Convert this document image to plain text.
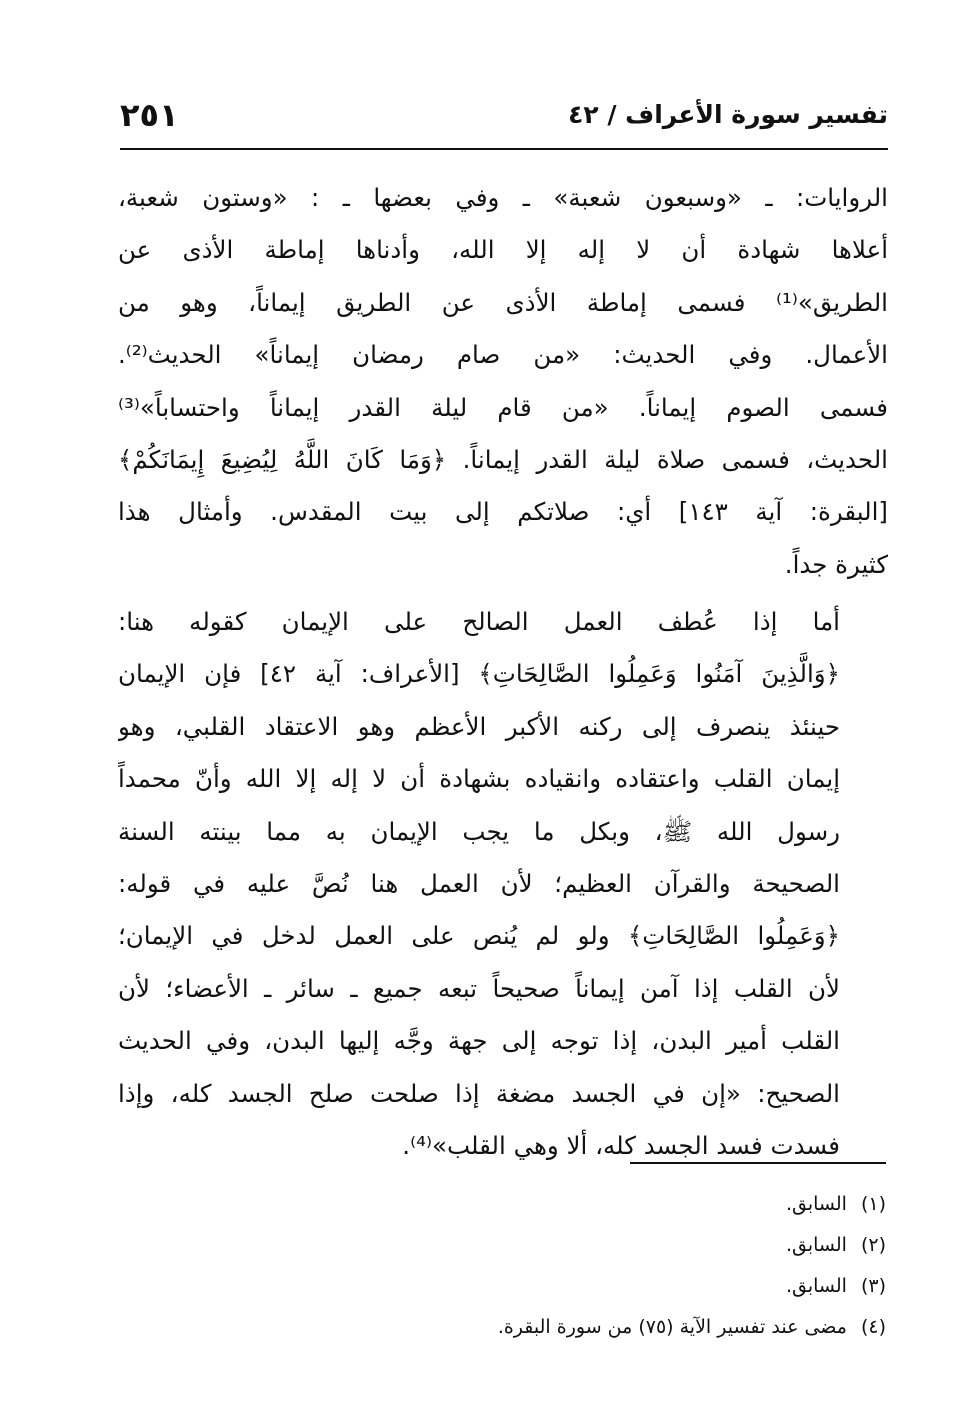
٢٥١	تفسير سورة الأعراف / ٤٢
الروايات: ـ «وسبعون شعبة» ـ وفي بعضها ـ : «وستون شعبة،
أعلاها شهادة أن لا إله إلا الله، وأدناها إماطة الأذى عن
الطريق»⁽¹⁾ فسمى إماطة الأذى عن الطريق إيماناً، وهو من
الأعمال. وفي الحديث: «من صام رمضان إيماناً» الحديث⁽²⁾.
فسمى الصوم إيماناً. «من قام ليلة القدر إيماناً واحتساباً»⁽³⁾
الحديث، فسمى صلاة ليلة القدر إيماناً. ﴿وَمَا كَانَ اللَّهُ لِيُضِيعَ إِيمَانَكُمْ﴾
[البقرة: آية ١٤٣] أي: صلاتكم إلى بيت المقدس. وأمثال هذا
كثيرة جداً.
أما إذا عُطف العمل الصالح على الإيمان كقوله هنا:
﴿وَالَّذِينَ آمَنُوا وَعَمِلُوا الصَّالِحَاتِ﴾ [الأعراف: آية ٤٢] فإن الإيمان
حينئذ ينصرف إلى ركنه الأكبر الأعظم وهو الاعتقاد القلبي، وهو
إيمان القلب واعتقاده وانقياده بشهادة أن لا إله إلا الله وأنّ محمداً
رسول الله ﷺ، وبكل ما يجب الإيمان به مما بينته السنة
الصحيحة والقرآن العظيم؛ لأن العمل هنا نُصَّ عليه في قوله:
﴿وَعَمِلُوا الصَّالِحَاتِ﴾ ولو لم يُنص على العمل لدخل في الإيمان؛
لأن القلب إذا آمن إيماناً صحيحاً تبعه جميع ـ سائر ـ الأعضاء؛ لأن
القلب أمير البدن، إذا توجه إلى جهة وجَّه إليها البدن، وفي الحديث
الصحيح: «إن في الجسد مضغة إذا صلحت صلح الجسد كله، وإذا
فسدت فسد الجسد كله، ألا وهي القلب»⁽⁴⁾.
(١)السابق.
(٢)السابق.
(٣)السابق.
(٤)مضى عند تفسير الآية (٧٥) من سورة البقرة.
